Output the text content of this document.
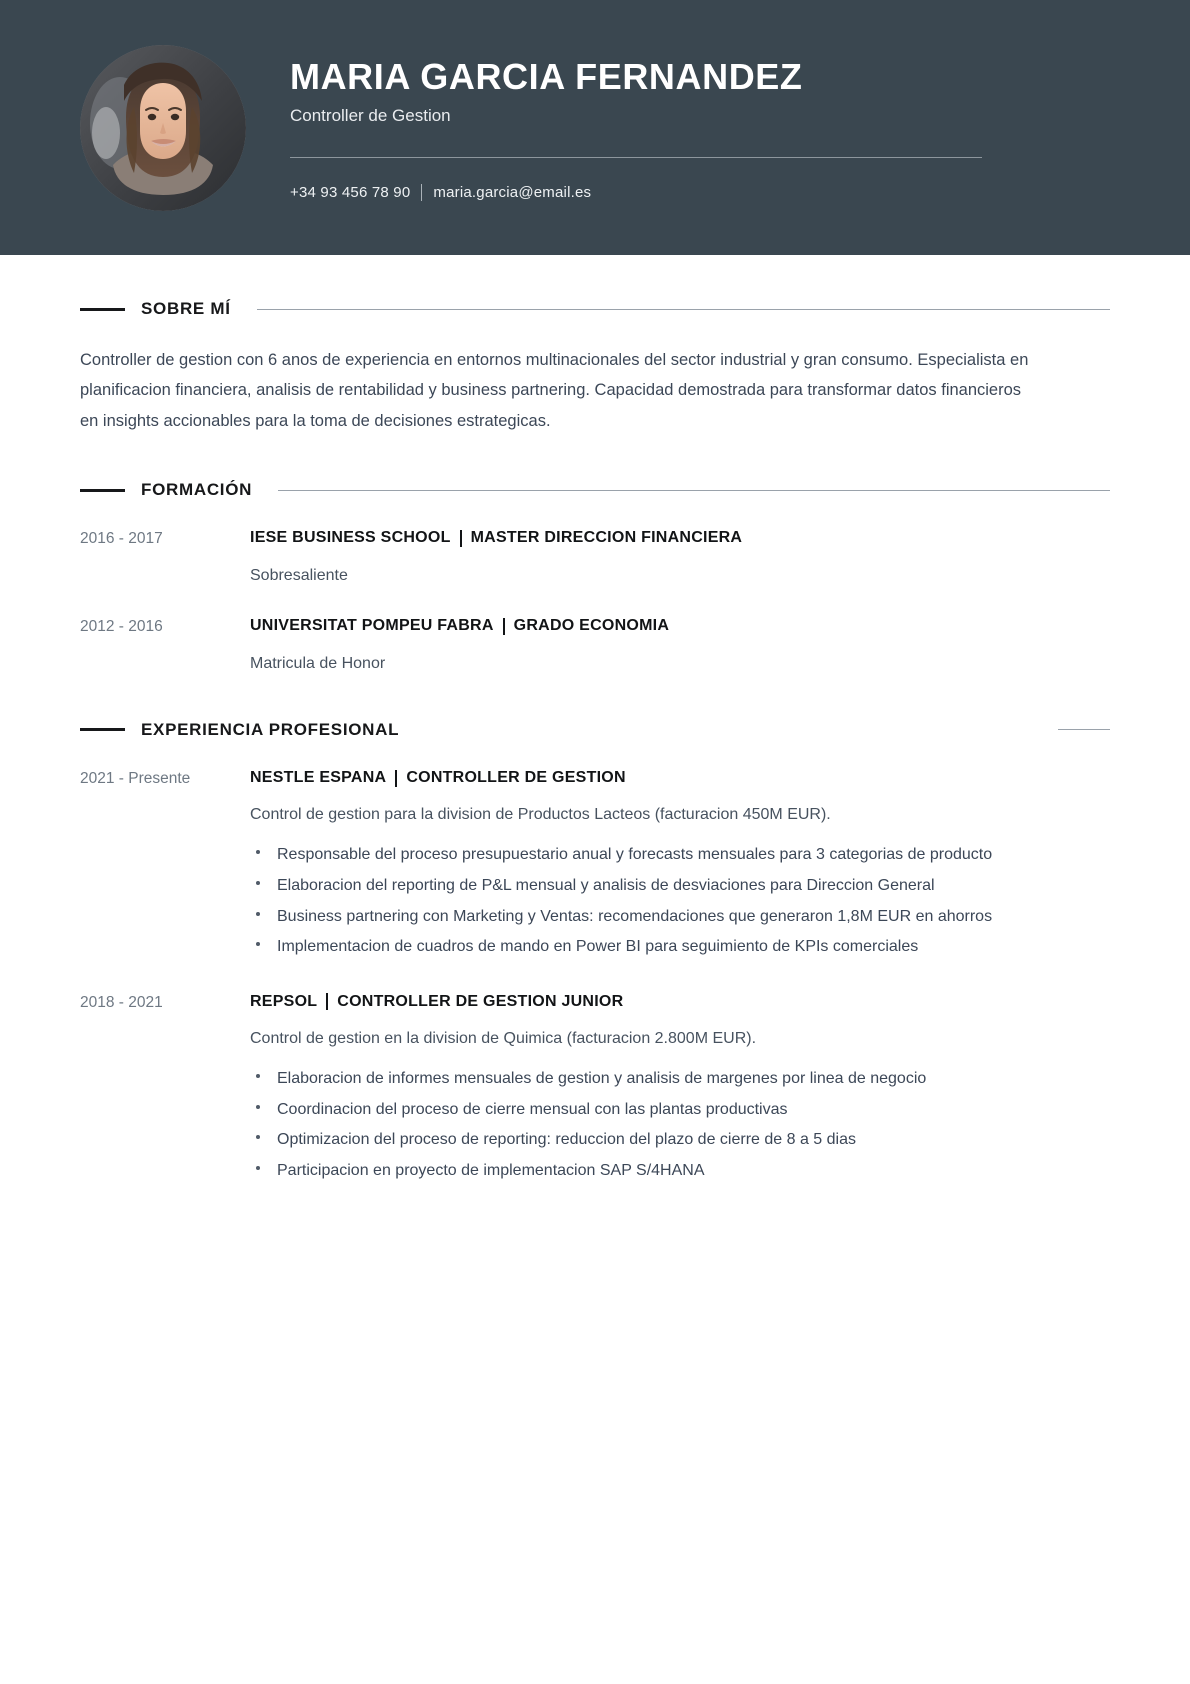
MARIA GARCIA FERNANDEZ

Controller de Gestion

+34 93 456 78 90 maria.garcia@email.es
SOBRE MÍ

Controller de gestion con 6 anos de experiencia en entornos multinacionales del sector industrial y gran consumo. Especialista en planificacion financiera, analisis de rentabilidad y business partnering. Capacidad demostrada para transformar datos financieros en insights accionables para la toma de decisiones estrategicas.

FORMACIÓN
2016 - 2017	IESE BUSINESS SCHOOL MASTER DIRECCION FINANCIERA
Sobresaliente
2012 - 2016	UNIVERSITAT POMPEU FABRA GRADO ECONOMIA
Matricula de Honor
EXPERIENCIA PROFESIONAL
2021 - Presente	NESTLE ESPANA CONTROLLER DE GESTION
Control de gestion para la division de Productos Lacteos (facturacion 450M EUR).
Responsable del proceso presupuestario anual y forecasts mensuales para 3 categorias de producto
Elaboracion del reporting de P&L mensual y analisis de desviaciones para Direccion General
Business partnering con Marketing y Ventas: recomendaciones que generaron 1,8M EUR en ahorros
Implementacion de cuadros de mando en Power BI para seguimiento de KPIs comerciales
2018 - 2021	REPSOL CONTROLLER DE GESTION JUNIOR
Control de gestion en la division de Quimica (facturacion 2.800M EUR).
Elaboracion de informes mensuales de gestion y analisis de margenes por linea de negocio
Coordinacion del proceso de cierre mensual con las plantas productivas
Optimizacion del proceso de reporting: reduccion del plazo de cierre de 8 a 5 dias
Participacion en proyecto de implementacion SAP S/4HANA
